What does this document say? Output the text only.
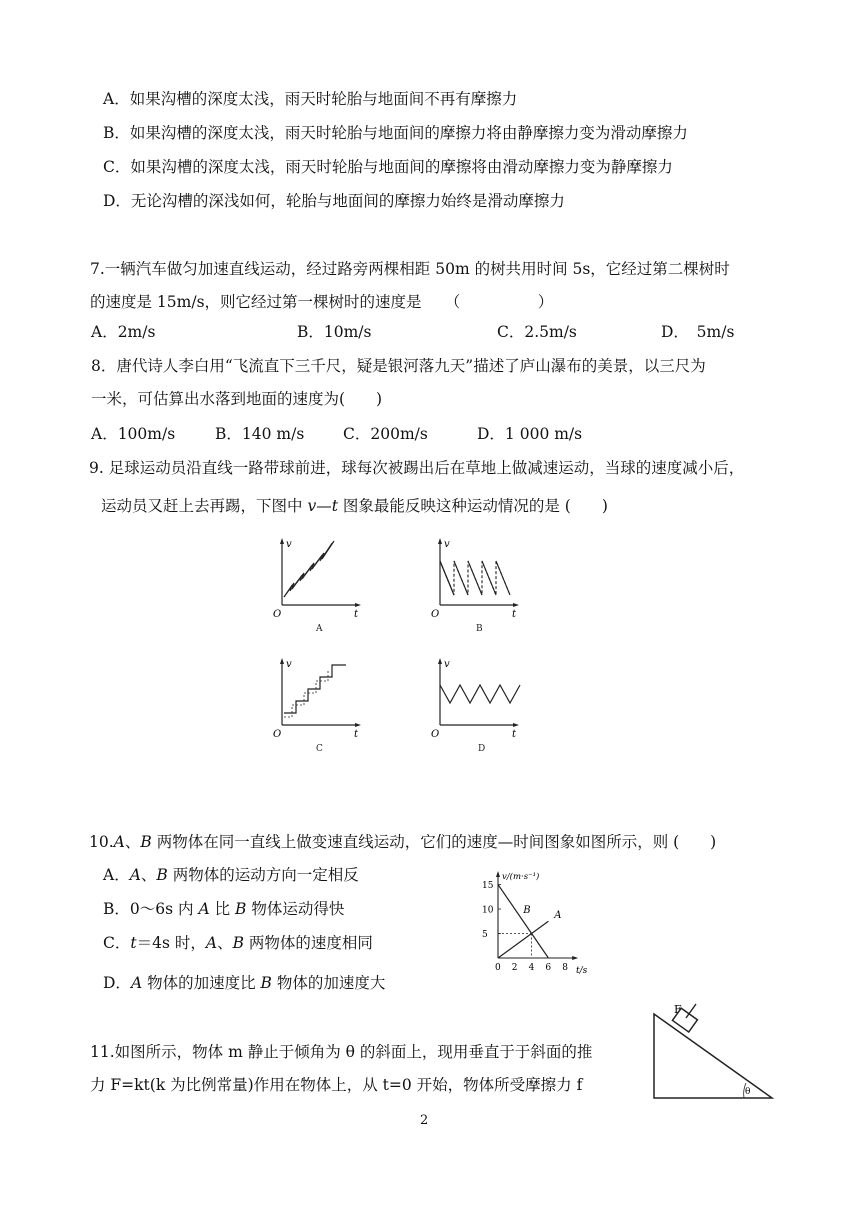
A．如果沟槽的深度太浅，雨天时轮胎与地面间不再有摩擦力
B．如果沟槽的深度太浅，雨天时轮胎与地面间的摩擦力将由静摩擦力变为滑动摩擦力
C．如果沟槽的深度太浅，雨天时轮胎与地面间的摩擦将由滑动摩擦力变为静摩擦力
D．无论沟槽的深浅如何，轮胎与地面间的摩擦力始终是滑动摩擦力
7.一辆汽车做匀加速直线运动，经过路旁两棵相距 50m 的树共用时间 5s，它经过第二棵树时
的速度是 15m/s，则它经过第一棵树时的速度是　　（　　　　　）
A．2m/s	B．10m/s	C．2.5m/s	D．　5m/s
8．唐代诗人李白用“飞流直下三千尺，疑是银河落九天”描述了庐山瀑布的美景，以三尺为
一米，可估算出水落到地面的速度为(　　)
A．100m/s	B．140 m/s C．200m/s	D．1 000 m/s
9. 足球运动员沿直线一路带球前进，球每次被踢出后在草地上做减速运动，当球的速度减小后，
运动员又赶上去再踢，下图中 v—t 图象最能反映这种运动情况的是 (　　)
v
t
O
A
v
t
O
B
v
t
O
C
v
t
O
D
10.A、B 两物体在同一直线上做变速直线运动，它们的速度—时间图象如图所示，则 (　　)
A．A、B 两物体的运动方向一定相反
B．0～6s 内 A 比 B 物体运动得快
C．t＝4s 时，A、B 两物体的速度相同
D．A 物体的加速度比 B 物体的加速度大
15
10
5
0 2 4 6 8
A
B
v/(m·s⁻¹)
t/s
11.如图所示，物体 m 静止于倾角为 θ 的斜面上，现用垂直于于斜面的推
力 F=kt(k 为比例常量)作用在物体上，从 t=0 开始，物体所受摩擦力 f
F
θ
2
